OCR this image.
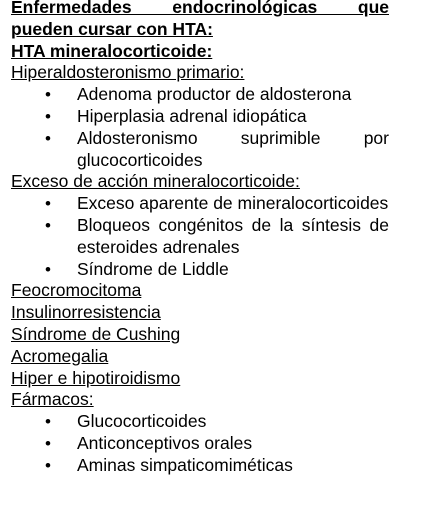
Enfermedades endocrinológicas que
pueden cursar con HTA:
HTA mineralocorticoide:
Hiperaldosteronismo primario:
• Adenoma productor de aldosterona
• Hiperplasia adrenal idiopática
• Aldosteronismo suprimible por glucocorticoides
Exceso de acción mineralocorticoide:
• Exceso aparente de mineralocorticoides
• Bloqueos congénitos de la síntesis de esteroides adrenales
• Síndrome de Liddle
Feocromocitoma
Insulinorresistencia
Síndrome de Cushing
Acromegalia
Hiper e hipotiroidismo
Fármacos:
• Glucocorticoides
• Anticonceptivos orales
• Aminas simpaticomiméticas
